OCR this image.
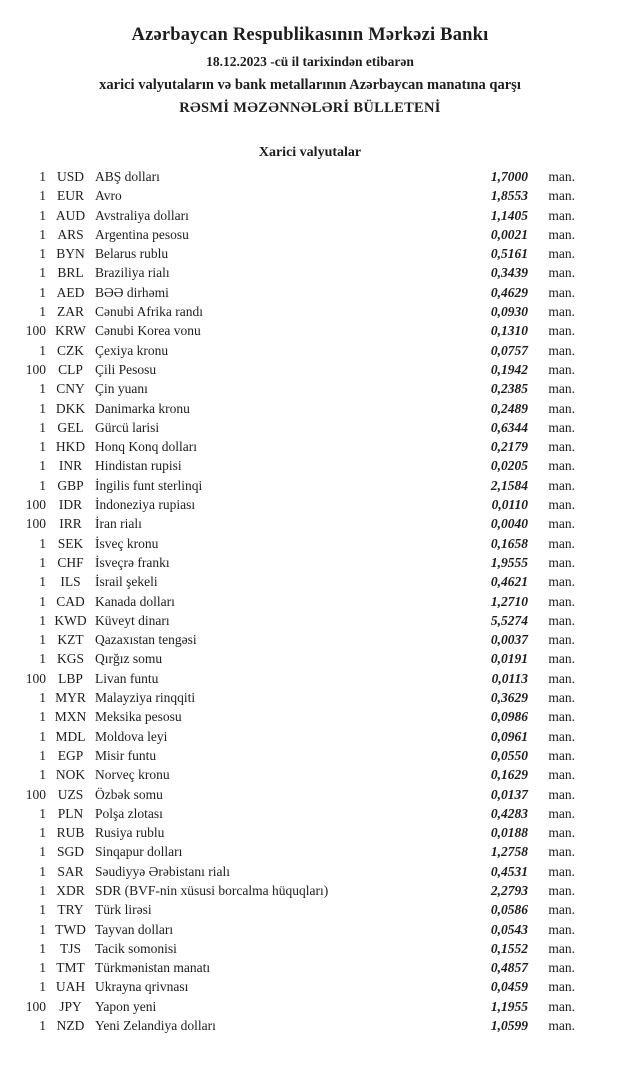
Azərbaycan Respublikasının Mərkəzi Bankı
18.12.2023 -cü il tarixindən etibarən
xarici valyutaların və bank metallarının Azərbaycan manatına qarşı
RƏSMİ MƏZƏNNƏLƏRİ BÜLLETENİ
Xarici valyutalar
1 USD ABŞ dolları	1,7000	man.
1 EUR Avro	1,8553	man.
1 AUD Avstraliya dolları	1,1405	man.
1 ARS Argentina pesosu	0,0021	man.
1 BYN Belarus rublu	0,5161	man.
1 BRL Braziliya rialı	0,3439	man.
1 AED BƏƏ dirhəmi	0,4629	man.
1 ZAR Cənubi Afrika randı	0,0930	man.
100 KRW Cənubi Korea vonu	0,1310	man.
1 CZK Çexiya kronu	0,0757	man.
100 CLP Çili Pesosu	0,1942	man.
1 CNY Çin yuanı	0,2385	man.
1 DKK Danimarka kronu	0,2489	man.
1 GEL Gürcü larisi	0,6344	man.
1 HKD Honq Konq dolları	0,2179	man.
1 INR Hindistan rupisi	0,0205	man.
1 GBP İngilis funt sterlinqi	2,1584	man.
100 IDR İndoneziya rupiası	0,0110	man.
100 IRR İran rialı	0,0040	man.
1 SEK İsveç kronu	0,1658	man.
1 CHF İsveçrə frankı	1,9555	man.
1	ILS	İsrail şekeli	0,4621	man.
1 CAD Kanada dolları	1,2710	man.
1 KWD Küveyt dinarı	5,5274	man.
1 KZT Qazaxıstan tengəsi	0,0037	man.
1 KGS Qırğız somu	0,0191	man.
100 LBP Livan funtu	0,0113	man.
1 MYR Malayziya rinqqiti	0,3629	man.
1 MXN Meksika pesosu	0,0986	man.
1 MDL Moldova leyi	0,0961	man.
1 EGP Misir funtu	0,0550	man.
1 NOK Norveç kronu	0,1629	man.
100 UZS Özbək somu	0,0137	man.
1 PLN Polşa zlotası	0,4283	man.
1 RUB Rusiya rublu	0,0188	man.
1 SGD Sinqapur dolları	1,2758	man.
1 SAR Səudiyyə Ərəbistanı rialı	0,4531	man.
1 XDR SDR (BVF-nin xüsusi borcalma hüquqları)	2,2793	man.
1 TRY Türk lirəsi	0,0586	man.
1 TWD Tayvan dolları	0,0543	man.
1	TJS	Tacik somonisi	0,1552	man.
1 TMT Türkmənistan manatı	0,4857	man.
1 UAH Ukrayna qrivnası	0,0459	man.
100 JPY Yapon yeni	1,1955	man.
1 NZD Yeni Zelandiya dolları	1,0599	man.
